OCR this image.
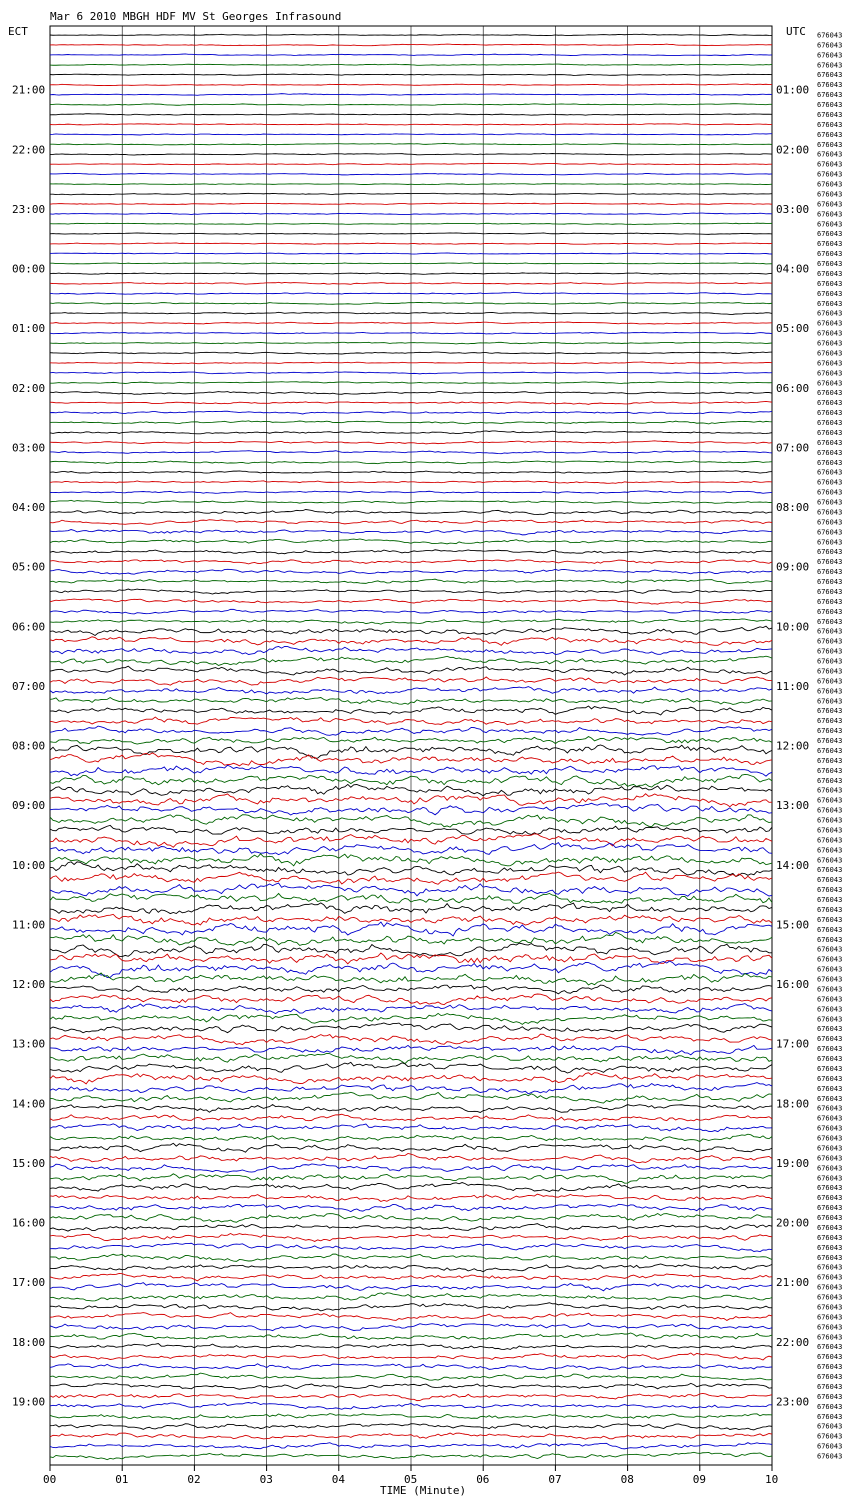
Mar 6 2010 MBGH HDF MV St Georges Infrasound
ECT	UTC
TIME (Minute)
676043
676043
676043
676043
676043
676043
676043
676043
676043
676043
676043
676043
676043
676043
676043
676043
676043
676043
676043
676043
676043
676043
676043
676043
676043
676043
676043
676043
676043
676043
676043
676043
676043
676043
676043
676043
676043
676043
676043
676043
676043
676043
676043
676043
676043
676043
676043
676043
676043
676043
676043
676043
676043
676043
676043
676043
676043
676043
676043
676043
676043
676043
676043
676043
676043
676043
676043
676043
676043
676043
676043
676043
676043
676043
676043
676043
676043
676043
676043
676043
676043
676043
676043
676043
676043
676043
676043
676043
676043
676043
676043
676043
676043
676043
676043
676043
676043
676043
676043
676043
676043
676043
676043
676043
676043
676043
676043
676043
676043
676043
676043
676043
676043
676043
676043
676043
676043
676043
676043
676043
676043
676043
676043
676043
676043
676043
676043
676043
676043
676043
676043
676043
676043
676043
676043
676043
676043
676043
676043
676043
676043
676043
676043
676043
21:00
22:00
23:00
00:00
01:00
02:00
03:00
04:00
05:00
06:00
07:00
08:00
09:00
10:00
11:00
12:00
13:00
14:00
15:00
16:00
17:00
18:00
19:00
01:00
02:00
03:00
04:00
05:00
06:00
07:00
08:00
09:00
10:00
11:00
12:00
13:00
14:00
15:00
16:00
17:00
18:00
19:00
20:00
21:00
22:00
23:00
00	01	02	03	04	05	06	07	08	09	10
